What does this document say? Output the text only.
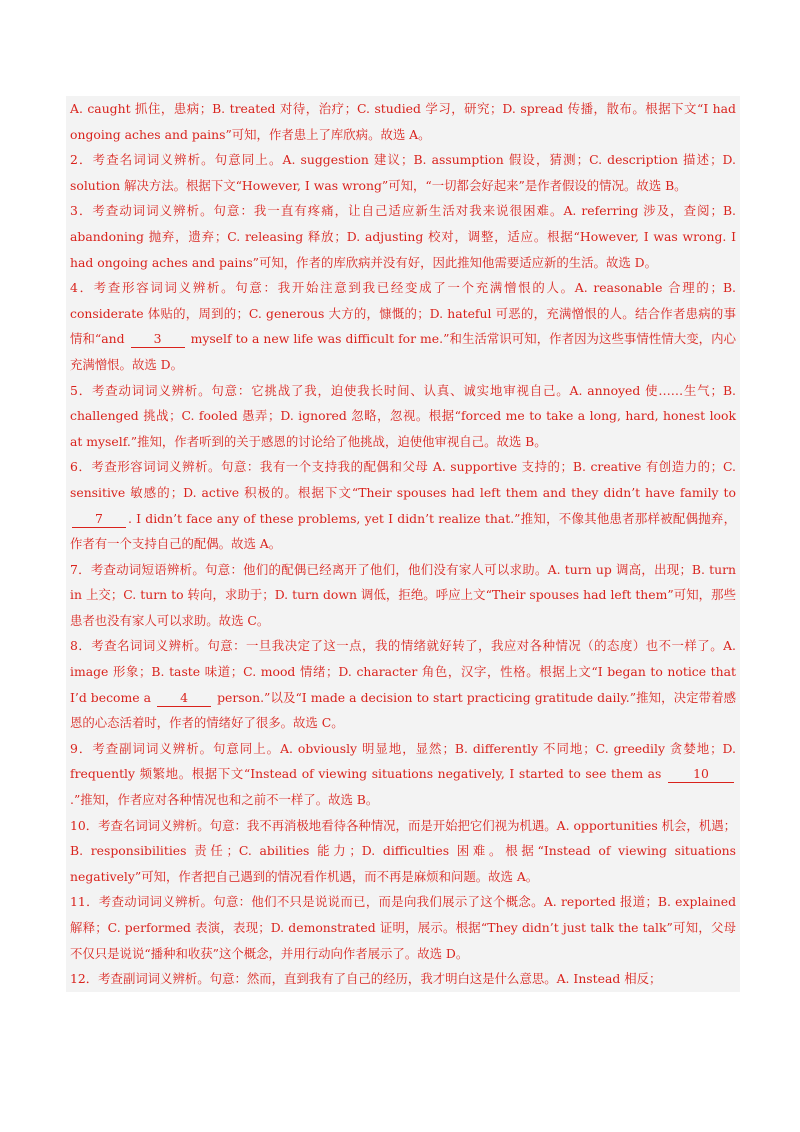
A. caught 抓住，患病；B. treated 对待，治疗；C. studied 学习，研究；D. spread 传播，散布。根据下文“I had ongoing aches and pains”可知，作者患上了库欣病。故选 A。

2．考查名词词义辨析。句意同上。A. suggestion 建议；B. assumption 假设，猜测；C. description 描述；D. solution 解决方法。根据下文“However, I was wrong”可知，“一切都会好起来”是作者假设的情况。故选 B。

3．考查动词词义辨析。句意：我一直有疼痛，让自己适应新生活对我来说很困难。A. referring 涉及，查阅；B. abandoning 抛弃，遗弃；C. releasing 释放；D. adjusting 校对，调整，适应。根据“However, I was wrong. I had ongoing aches and pains”可知，作者的库欣病并没有好，因此推知他需要适应新的生活。故选 D。

4．考查形容词词义辨析。句意：我开始注意到我已经变成了一个充满憎恨的人。A. reasonable 合理的；B. considerate 体贴的，周到的；C. generous 大方的，慷慨的；D. hateful 可恶的，充满憎恨的人。结合作者患病的事情和“and 3 myself to a new life was difficult for me.”和生活常识可知，作者因为这些事情性情大变，内心充满憎恨。故选 D。

5．考查动词词义辨析。句意：它挑战了我，迫使我长时间、认真、诚实地审视自己。A. annoyed 使……生气；B. challenged 挑战；C. fooled 愚弄；D. ignored 忽略，忽视。根据“forced me to take a long, hard, honest look at myself.”推知，作者听到的关于感恩的讨论给了他挑战，迫使他审视自己。故选 B。

6．考查形容词词义辨析。句意：我有一个支持我的配偶和父母 A. supportive 支持的；B. creative 有创造力的；C. sensitive 敏感的；D. active 积极的。根据下文“Their spouses had left them and they didn’t have family to 7 . I didn’t face any of these problems, yet I didn’t realize that.”推知，不像其他患者那样被配偶抛弃，作者有一个支持自己的配偶。故选 A。

7．考查动词短语辨析。句意：他们的配偶已经离开了他们，他们没有家人可以求助。A. turn up 调高，出现；B. turn in 上交；C. turn to 转向，求助于；D. turn down 调低，拒绝。呼应上文“Their spouses had left them”可知，那些患者也没有家人可以求助。故选 C。

8．考查名词词义辨析。句意：一旦我决定了这一点，我的情绪就好转了，我应对各种情况（的态度）也不一样了。A. image 形象；B. taste 味道；C. mood 情绪；D. character 角色，汉字，性格。根据上文“I began to notice that I’d become a 4 person.”以及“I made a decision to start practicing gratitude daily.”推知，决定带着感恩的心态活着时，作者的情绪好了很多。故选 C。

9．考查副词词义辨析。句意同上。A. obviously 明显地，显然；B. differently 不同地；C. greedily 贪婪地；D. frequently 频繁地。根据下文“Instead of viewing situations negatively, I started to see them as 10.”推知，作者应对各种情况也和之前不一样了。故选 B。

10．考查名词词义辨析。句意：我不再消极地看待各种情况，而是开始把它们视为机遇。A. opportunities 机会，机遇；B. responsibilities 责任；C. abilities 能力；D. difficulties 困难。根据“Instead of viewing situations negatively”可知，作者把自己遇到的情况看作机遇，而不再是麻烦和问题。故选 A。

11．考查动词词义辨析。句意：他们不只是说说而已，而是向我们展示了这个概念。A. reported 报道；B. explained 解释；C. performed 表演，表现；D. demonstrated 证明，展示。根据“They didn’t just talk the talk”可知，父母不仅只是说说“播种和收获”这个概念，并用行动向作者展示了。故选 D。

12．考查副词词义辨析。句意：然而，直到我有了自己的经历，我才明白这是什么意思。A. Instead 相反；
